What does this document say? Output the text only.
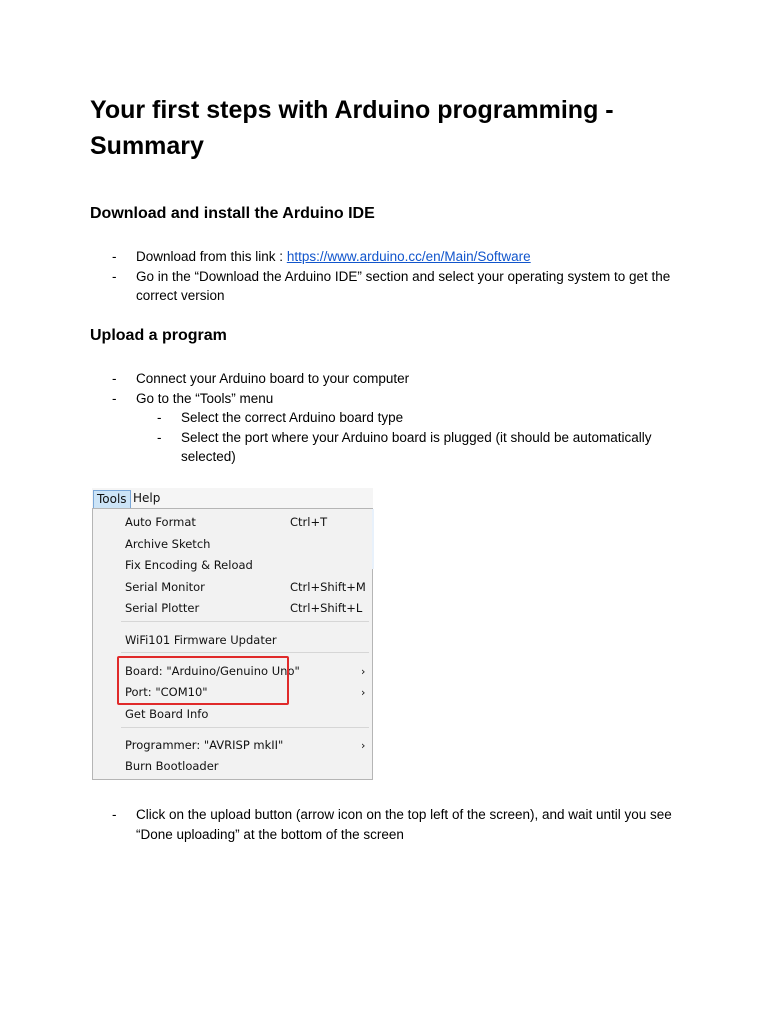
Your first steps with Arduino programming - Summary
Download and install the Arduino IDE
- Download from this link : https://www.arduino.cc/en/Main/Software
- Go in the “Download the Arduino IDE” section and select your operating system to get the correct version
Upload a program
- Connect your Arduino board to your computer
- Go to the “Tools” menu
- Select the correct Arduino board type
- Select the port where your Arduino board is plugged (it should be automatically selected)
Tools Help
Auto Format	Ctrl+T
Archive Sketch
Fix Encoding & Reload
Serial Monitor	Ctrl+Shift+M
Serial Plotter	Ctrl+Shift+L
WiFi101 Firmware Updater
Board: "Arduino/Genuino Uno"	›
Port: "COM10"	›
Get Board Info
Programmer: "AVRISP mkII"	›
Burn Bootloader
- Click on the upload button (arrow icon on the top left of the screen), and wait until you see “Done uploading” at the bottom of the screen
